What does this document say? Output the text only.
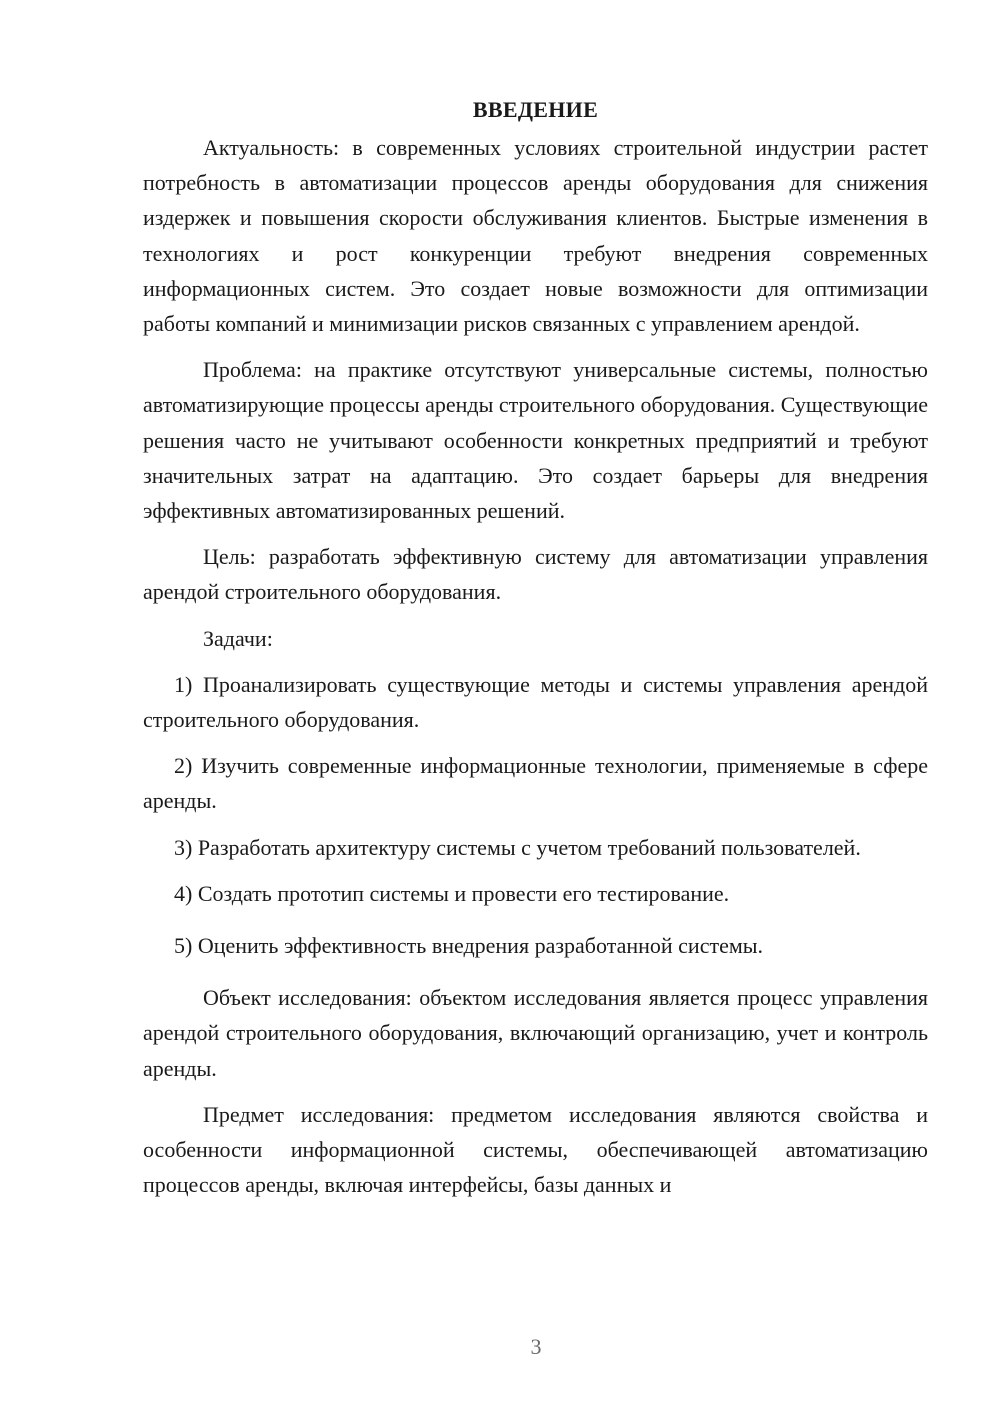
ВВЕДЕНИЕ

Актуальность: в современных условиях строительной индустрии растет потребность в автоматизации процессов аренды оборудования для снижения издержек и повышения скорости обслуживания клиентов. Быстрые изменения в технологиях и рост конкуренции требуют внедрения современных информационных систем. Это создает новые возможности для оптимизации работы компаний и минимизации рисков связанных с управлением арендой.

Проблема: на практике отсутствуют универсальные системы, полностью автоматизирующие процессы аренды строительного оборудования. Существующие решения часто не учитывают особенности конкретных предприятий и требуют значительных затрат на адаптацию. Это создает барьеры для внедрения эффективных автоматизированных решений.

Цель: разработать эффективную систему для автоматизации управления арендой строительного оборудования.

Задачи:

1) Проанализировать существующие методы и системы управления арендой строительного оборудования.

2) Изучить современные информационные технологии, применяемые в сфере аренды.

3) Разработать архитектуру системы с учетом требований пользователей.

4) Создать прототип системы и провести его тестирование.

5) Оценить эффективность внедрения разработанной системы.

Объект исследования: объектом исследования является процесс управления арендой строительного оборудования, включающий организацию, учет и контроль аренды.

Предмет исследования: предметом исследования являются свойства и особенности информационной системы, обеспечивающей автоматизацию процессов аренды, включая интерфейсы, базы данных и

3
